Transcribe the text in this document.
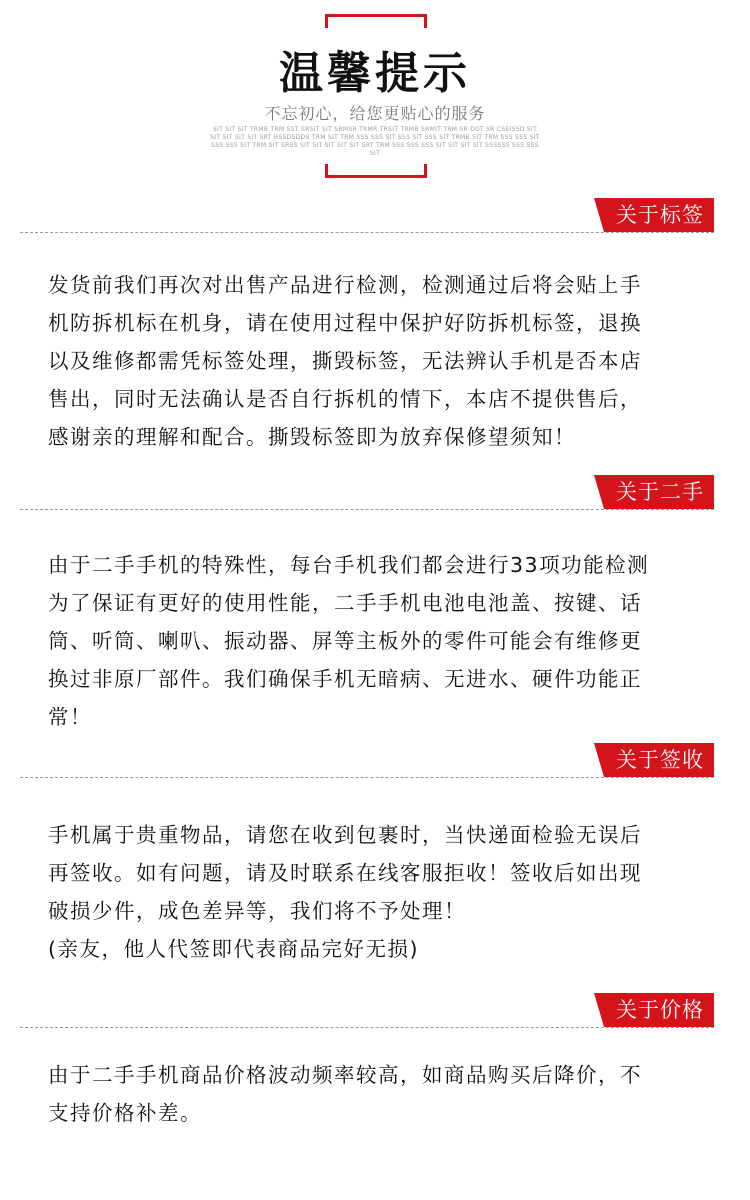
温馨提示
不忘初心，给您更贴心的服务
SIT SIT SIT TRMB TRM SST SRSIT SIT SRMSR TRMR TRSIT TRMB SRMIT TRM SR DGT SR CSEISSD SIT SIT SIT SIT SIT SRT RSSDSDDS TRM SIT TRM SSS SSS SIT SSS SIT SSS SIT TRMB SIT TRM SSS SSS SIT SSS SSS SIT TRM SIT SRSS SIT SIT SIT SIT SIT SRT TRM SSS SSS SSS SIT SIT SIT SIT SSSSSS SSS SSS SIT
关于标签
发货前我们再次对出售产品进行检测，检测通过后将会贴上手
机防拆机标在机身，请在使用过程中保护好防拆机标签，退换
以及维修都需凭标签处理，撕毁标签，无法辨认手机是否本店
售出，同时无法确认是否自行拆机的情下，本店不提供售后，
感谢亲的理解和配合。撕毁标签即为放弃保修望须知！
关于二手
由于二手手机的特殊性，每台手机我们都会进行33项功能检测
为了保证有更好的使用性能，二手手机电池电池盖、按键、话
筒、听筒、喇叭、振动器、屏等主板外的零件可能会有维修更
换过非原厂部件。我们确保手机无暗病、无进水、硬件功能正
常！
关于签收
手机属于贵重物品，请您在收到包裹时，当快递面检验无误后
再签收。如有问题，请及时联系在线客服拒收！签收后如出现
破损少件，成色差异等，我们将不予处理！
(亲友，他人代签即代表商品完好无损)
关于价格
由于二手手机商品价格波动频率较高，如商品购买后降价，不
支持价格补差。
